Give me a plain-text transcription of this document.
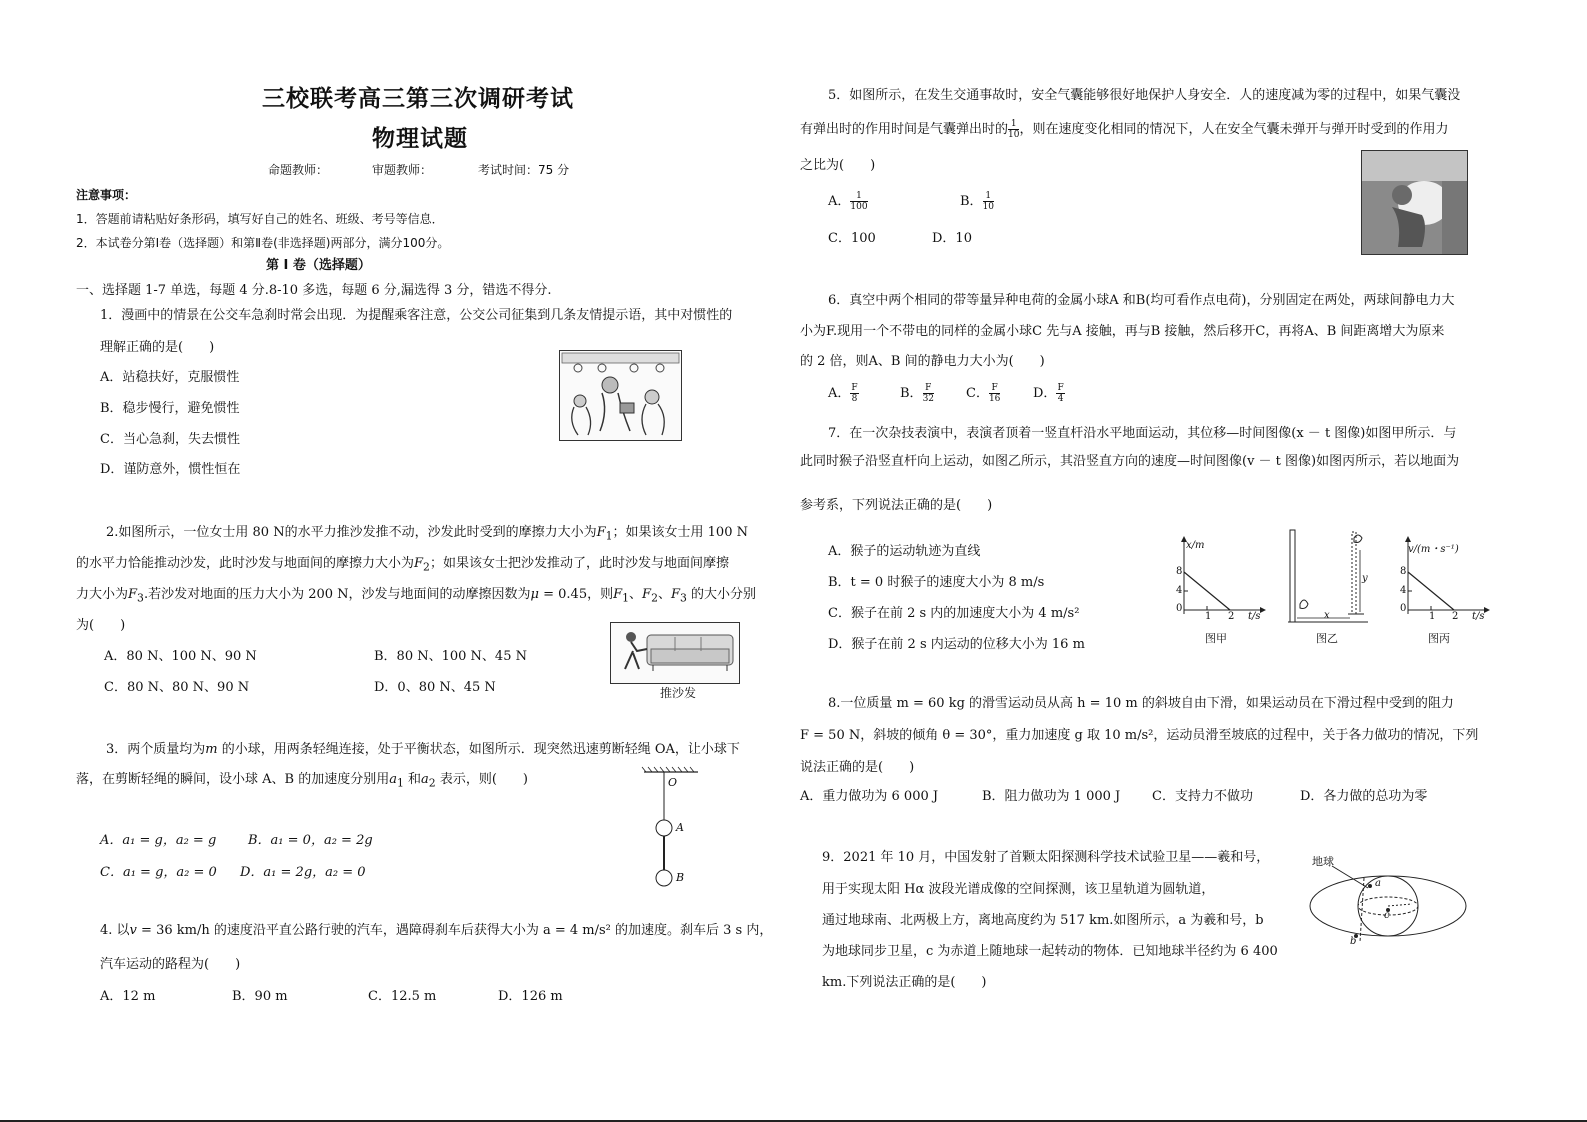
三校联考高三第三次调研考试
物理试题
命题教师：	审题教师：	考试时间：75 分
注意事项：
1．答题前请粘贴好条形码，填写好自己的姓名、班级、考号等信息．
2．本试卷分第Ⅰ卷（选择题）和第Ⅱ卷(非选择题)两部分，满分100分。
第 Ⅰ 卷（选择题）
一、选择题 1-7 单选，每题 4 分.8-10 多选，每题 6 分,漏选得 3 分，错选不得分.
1．漫画中的情景在公交车急刹时常会出现．为提醒乘客注意，公交公司征集到几条友情提示语，其中对惯性的
理解正确的是(　　)
A．站稳扶好，克服惯性
B．稳步慢行，避免惯性
C．当心急刹，失去惯性
D．谨防意外，惯性恒在
2.如图所示，一位女士用 80 N的水平力推沙发推不动，沙发此时受到的摩擦力大小为$F_1$；如果该女士用 100 N
的水平力恰能推动沙发，此时沙发与地面间的摩擦力大小为$F_2$；如果该女士把沙发推动了，此时沙发与地面间摩擦
力大小为$F_3$.若沙发对地面的压力大小为 200 N，沙发与地面间的动摩擦因数为μ = 0.45，则$F_1$、$F_2$、$F_3$ 的大小分别
为(　　)
A．80 N、100 N、90 N	B．80 N、100 N、45 N
C．80 N、80 N、90 N	D．0、80 N、45 N	推沙发
3．两个质量均为m 的小球，用两条轻绳连接，处于平衡状态，如图所示．现突然迅速剪断轻绳 OA，让小球下
落，在剪断轻绳的瞬间，设小球 A、B 的加速度分别用$a_1$ 和$a_2$ 表示，则(　　)
A．a₁ = g，a₂ = g B．a₁ = 0，a₂ = 2g
C．a₁ = g，a₂ = 0 D．a₁ = 2g，a₂ = 0
O
A
B
4. 以v = 36 km/h 的速度沿平直公路行驶的汽车，遇障碍刹车后获得大小为 a = 4 m/s² 的加速度。刹车后 3 s 内，
汽车运动的路程为(　　)
A．12 m	B．90 m	C．12.5 m	D．126 m
5．如图所示，在发生交通事故时，安全气囊能够很好地保护人身安全．人的速度减为零的过程中，如果气囊没
有弹出时的作用时间是气囊弹出时的 $\frac{1}{10}$ ，则在速度变化相同的情况下，人在安全气囊未弹开与弹开时受到的作用力
之比为(　　)
A． $\frac{1}{100}$	B． $\frac{1}{10}$
C．100	D．10
6．真空中两个相同的带等量异种电荷的金属小球A 和B(均可看作点电荷)，分别固定在两处，两球间静电力大
小为F.现用一个不带电的同样的金属小球C 先与A 接触，再与B 接触，然后移开C，再将A、B 间距离增大为原来
的 2 倍，则A、B 间的静电力大小为(　　)
A． $\frac{F}{8}$	B． $\frac{F}{32}$ C． $\frac{F}{16}$	D． $\frac{F}{4}$
7．在一次杂技表演中，表演者顶着一竖直杆沿水平地面运动，其位移—时间图像(x － t 图像)如图甲所示．与
此同时猴子沿竖直杆向上运动，如图乙所示，其沿竖直方向的速度—时间图像(v － t 图像)如图丙所示，若以地面为
参考系，下列说法正确的是(　　)
A．猴子的运动轨迹为直线
B．t = 0 时猴子的速度大小为 8 m/s
C．猴子在前 2 s 内的加速度大小为 4 m/s²
D．猴子在前 2 s 内运动的位移大小为 16 m
x/m
8
4
0
1 2 t/s
图甲
x
y
图乙
v/(m・s⁻¹)
8
4
0
1 2 t/s
图丙
8.一位质量 m = 60 kg 的滑雪运动员从高 h = 10 m 的斜坡自由下滑，如果运动员在下滑过程中受到的阻力
F = 50 N，斜坡的倾角 θ = 30°，重力加速度 g 取 10 m/s²，运动员滑至坡底的过程中，关于各力做功的情况，下列
说法正确的是(　　)
A．重力做功为 6 000 J	B．阻力做功为 1 000 J C．支持力不做功	D．各力做的总功为零
9．2021 年 10 月，中国发射了首颗太阳探测科学技术试验卫星——羲和号，
用于实现太阳 Hα 波段光谱成像的空间探测，该卫星轨道为圆轨道，
通过地球南、北两极上方，离地高度约为 517 km.如图所示，a 为羲和号，b
为地球同步卫星，c 为赤道上随地球一起转动的物体．已知地球半径约为 6 400
km.下列说法正确的是(　　)
地球
a
b
c
